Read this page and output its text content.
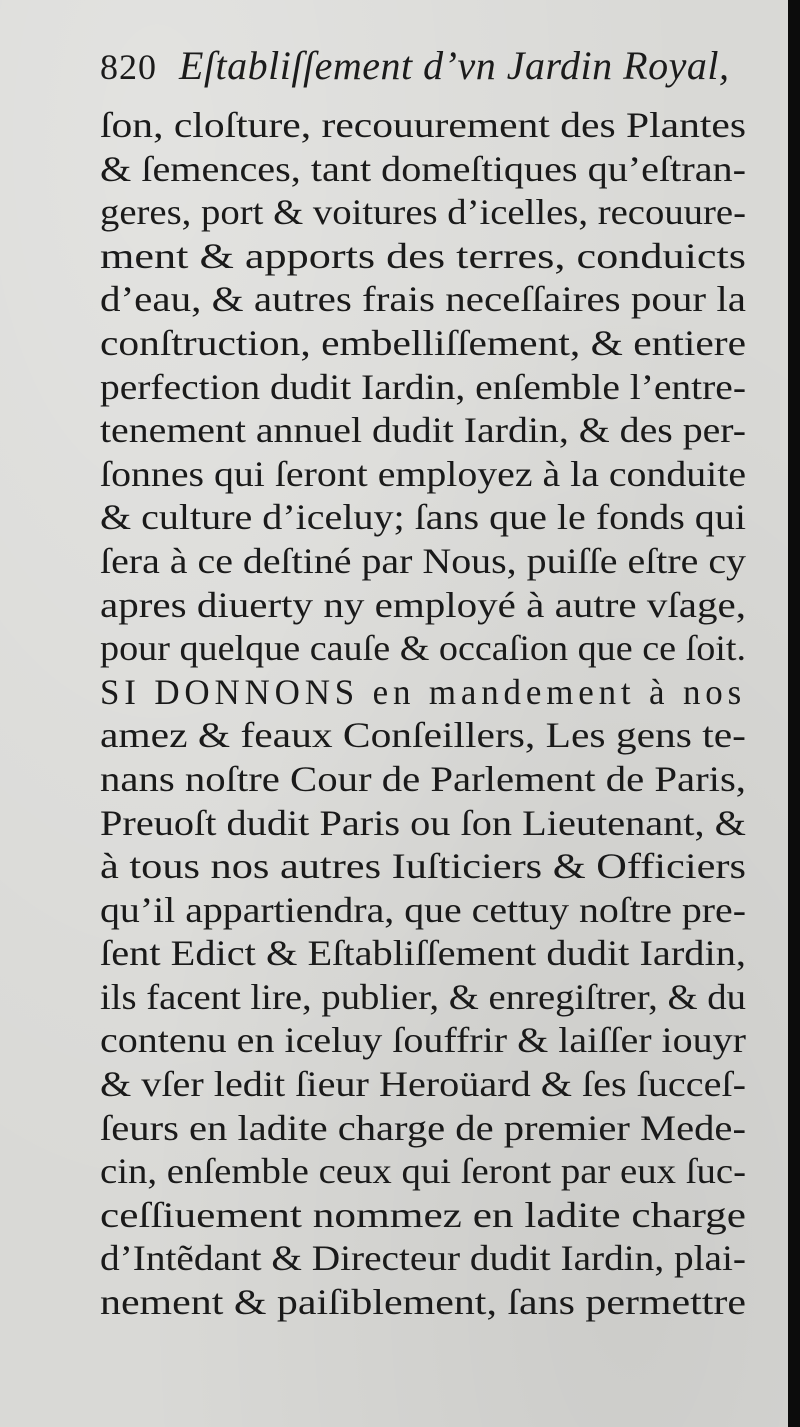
820 Eſtabliſſement d’vn Jardin Royal,
ſon, cloſture, recouurement des Plantes
& ſemences, tant domeſtiques qu’eſtran-
geres, port & voitures d’icelles, recouure-
ment & apports des terres, conduicts
d’eau, & autres frais neceſſaires pour la
conſtruction, embelliſſement, & entiere
perfection dudit Iardin, enſemble l’entre-
tenement annuel dudit Iardin, & des per-
ſonnes qui ſeront employez à la conduite
& culture d’iceluy; ſans que le fonds qui
ſera à ce deſtiné par Nous, puiſſe eſtre cy
apres diuerty ny employé à autre vſage,
pour quelque cauſe & occaſion que ce ſoit.
SI DONNONS en mandement à nos
amez & feaux Conſeillers, Les gens te-
nans noſtre Cour de Parlement de Paris,
Preuoſt dudit Paris ou ſon Lieutenant, &
à tous nos autres Iuſticiers & Officiers
qu’il appartiendra, que cettuy noſtre pre-
ſent Edict & Eſtabliſſement dudit Iardin,
ils facent lire, publier, & enregiſtrer, & du
contenu en iceluy ſouffrir & laiſſer iouyr
& vſer ledit ſieur Heroüard & ſes ſucceſ-
ſeurs en ladite charge de premier Mede-
cin, enſemble ceux qui ſeront par eux ſuc-
ceſſiuement nommez en ladite charge
d’Intẽdant & Directeur dudit Iardin, plai-
nement & paiſiblement, ſans permettre
